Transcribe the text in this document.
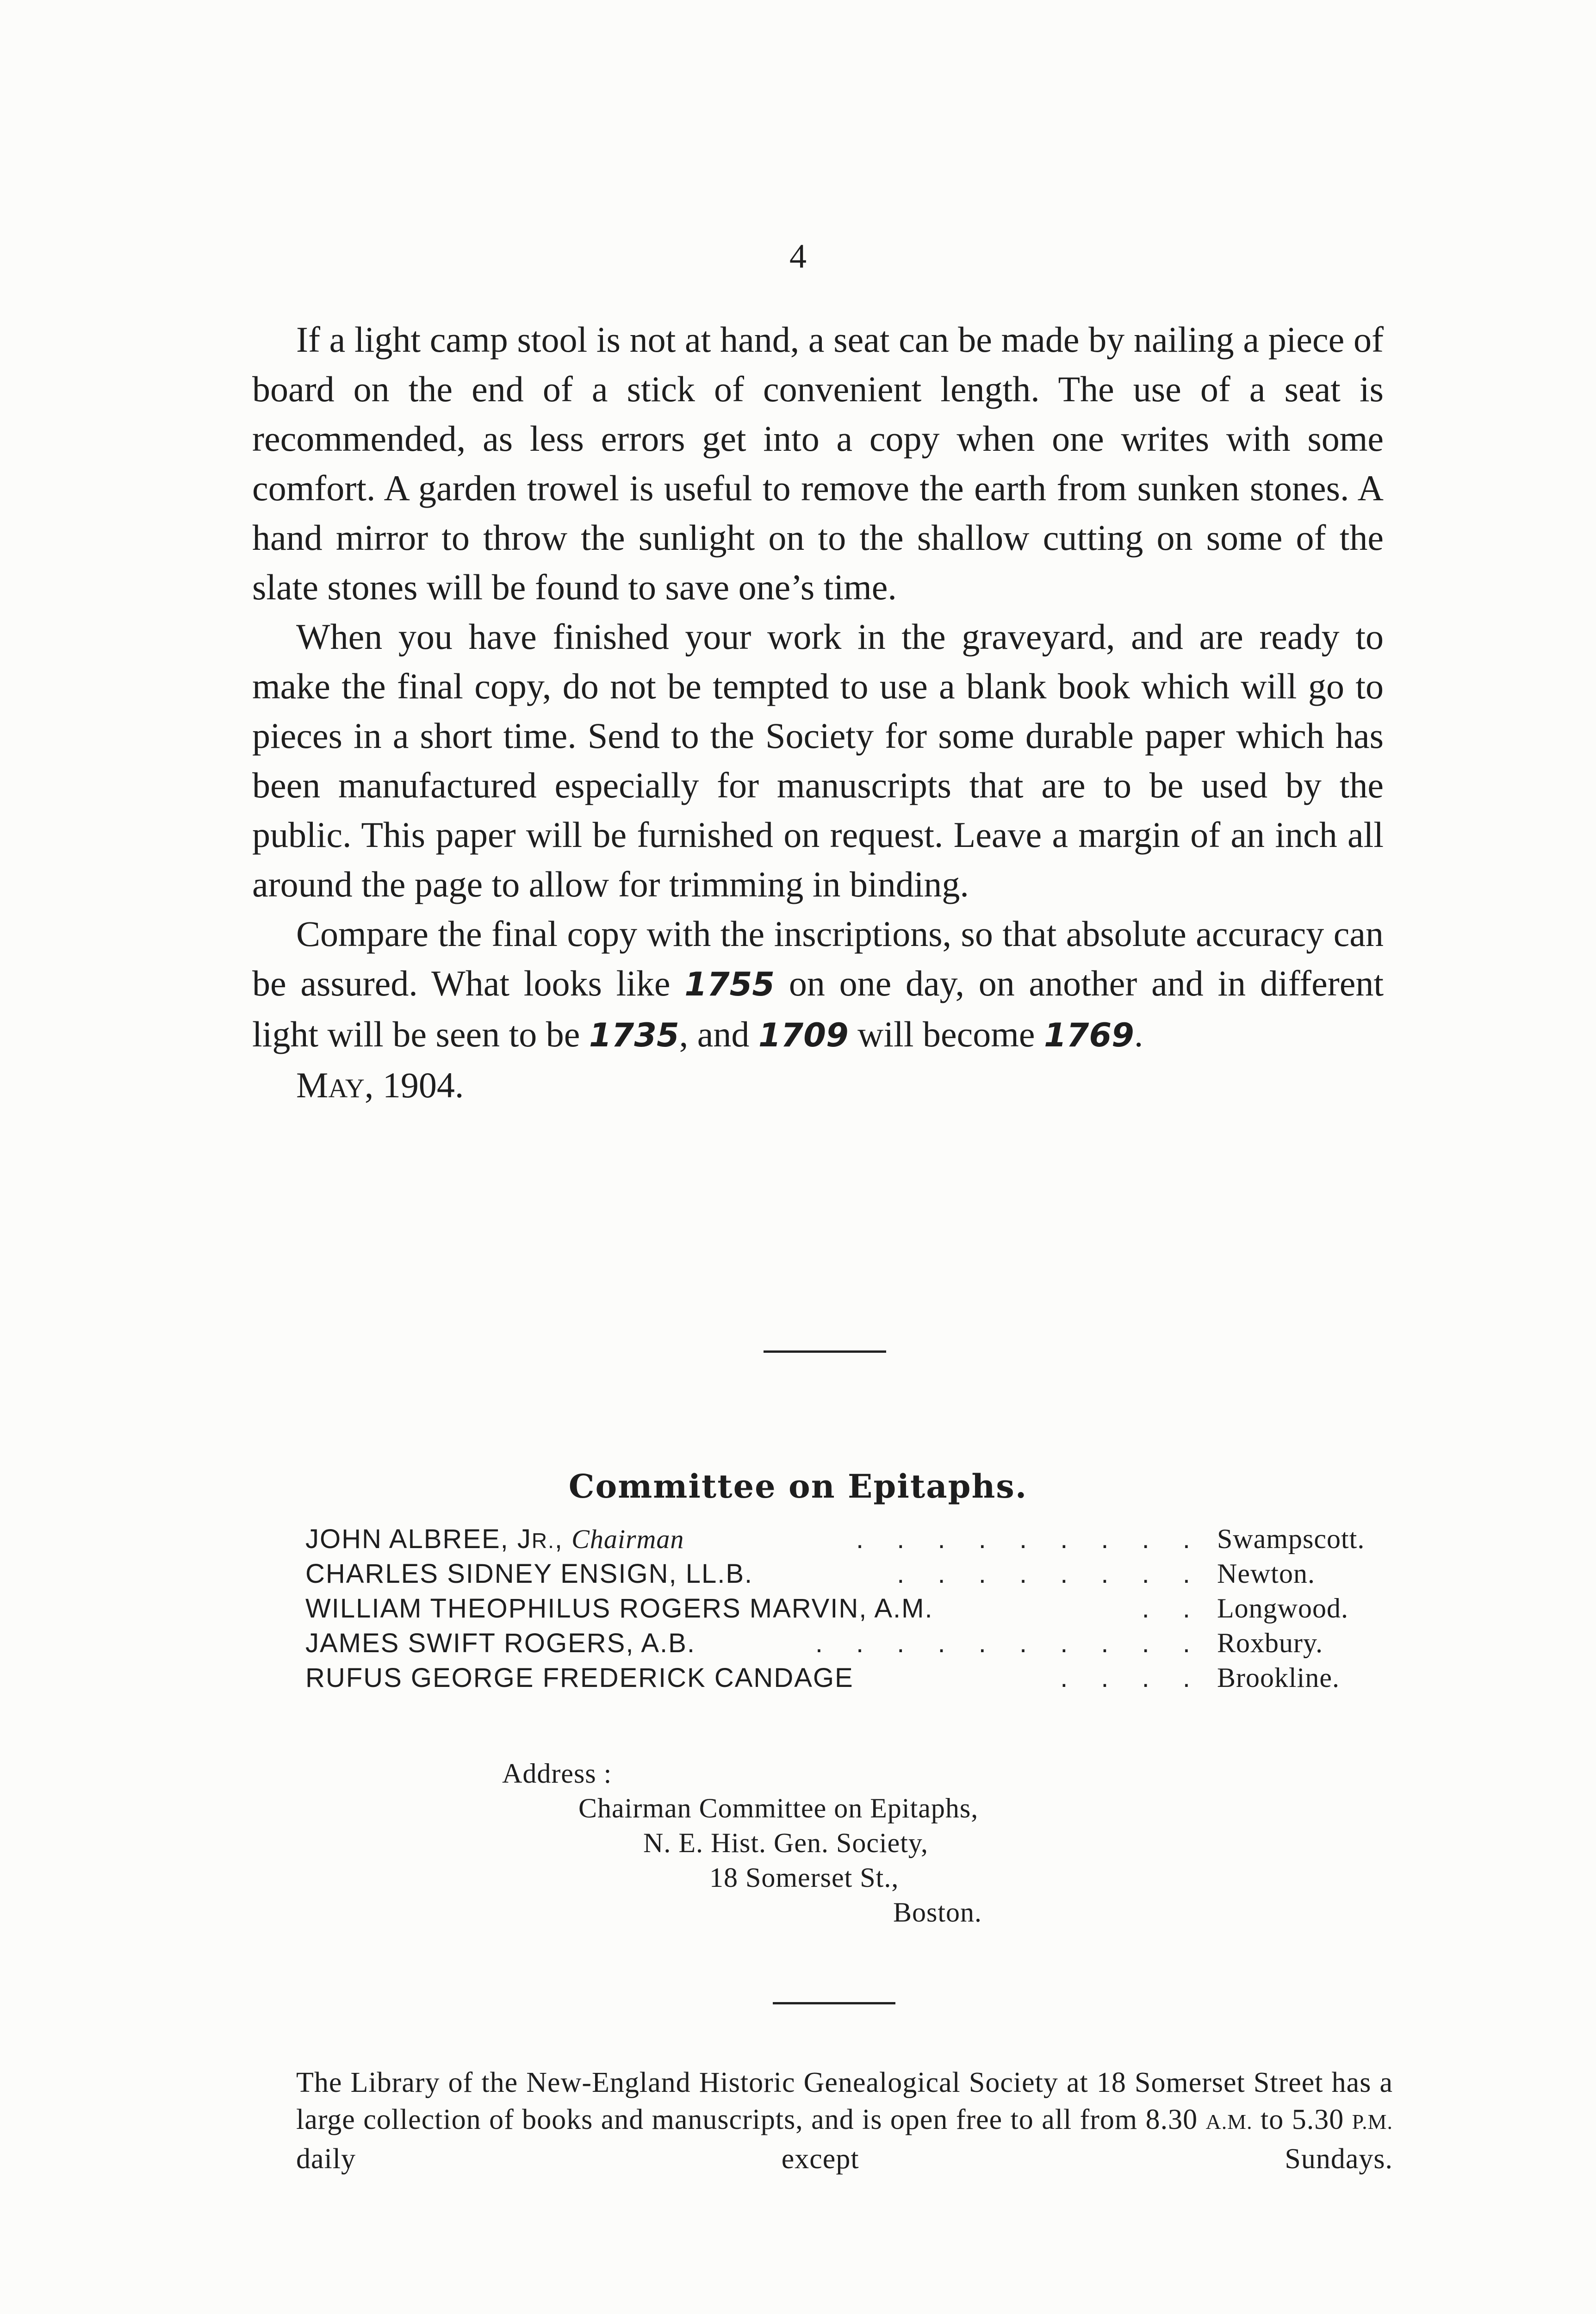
4

If a light camp stool is not at hand, a seat can be made by nailing a piece of board on the end of a stick of convenient length. The use of a seat is recommended, as less errors get into a copy when one writes with some comfort. A garden trowel is useful to remove the earth from sunken stones. A hand mirror to throw the sunlight on to the shallow cutting on some of the slate stones will be found to save one’s time.

When you have finished your work in the graveyard, and are ready to make the final copy, do not be tempted to use a blank book which will go to pieces in a short time. Send to the Society for some durable paper which has been manufactured especially for manuscripts that are to be used by the public. This paper will be furnished on request. Leave a margin of an inch all around the page to allow for trimming in binding.

Compare the final copy with the inscriptions, so that absolute accuracy can be assured. What looks like 1755 on one day, on another and in different light will be seen to be 1735, and 1709 will become 1769.

MAY, 1904.

Committee on Epitaphs.
JOHN ALBREE, JR., Chairman	. . . . . . . . . Swampscott.
CHARLES SIDNEY ENSIGN, LL.B.	. . . . . . . . Newton.
WILLIAM THEOPHILUS ROGERS MARVIN, A.M.	. . Longwood.
JAMES SWIFT ROGERS, A.B.	. . . . . . . . . . Roxbury.
RUFUS GEORGE FREDERICK CANDAGE	. . . . Brookline.
Address :
Chairman Committee on Epitaphs,
N. E. Hist. Gen. Society,
18 Somerset St.,
Boston.
The Library of the New-England Historic Genealogical Society at 18 Somerset Street has a large collection of books and manuscripts, and is open free to all from 8.30 A.M. to 5.30 P.M. daily except Sundays.
